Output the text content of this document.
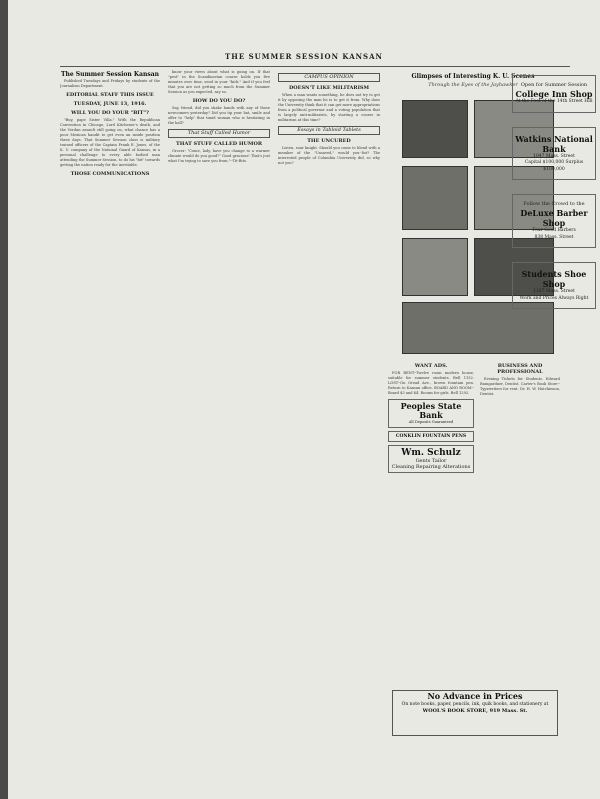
THE SUMMER SESSION KANSAN
The Summer Session Kansan

Published Tuesdays and Fridays by students of the Journalism Department.

EDITORIAL STAFF THIS ISSUE
TUESDAY, JUNE 13, 1916.
WILL YOU DO YOUR "BIT"?

"Buy, pape Sister Villa." With the Republican Convention in Chicago, Lord Kitchener's death, and the Verdun assault still going on, what chance has a poor Mexican bandit to get even an inside position these days. That Summer Session class is military trained officers of the Captain Frank E. Jones, of the K. U. company of the National Guard of Kansas, in a personal challenge to every able bodied man attending the Summer Session, to do his "bit" towards getting the nation ready for the inevitable.

THOSE COMMUNICATIONS

know your views about what is going on. If that "pest" in the Scandinavian course holds you five minutes over time, send in your "kick." And if you feel that you are not getting so much from the Summer Session as you expected, say so.

HOW DO YOU DO?

Say, friend, did you shake hands with any of those newcomers yesterday? Did you tip your hat, smile and offer to "help" that timid woman who is hesitating in the hall?

That Stuff Called Humor
THAT STUFF CALLED HUMOR

Grocer: "Come, lady, have you change to a warmer climate would do you good?" Good gracious! That's just what I'm trying to save you from."--Tit-Bits.

CAMPUS OPINION
DOESN'T LIKE MILITARISM

When a man wants something, he does not try to get it by opposing the man he is to get it from. Why does the University think that it can get more appropriations from a political governor and a voting population that is largely anti-militarists, by starting a course in militarism at this time?

Essays in Tabloid Tablets
THE UNCURED

Listen, sour knight. Should you come to blend with a member of the "Unsaved," would you--list? The interested people of Columbia University did, so why not you?

Glimpses of Interesting K. U. Scenes
Through the Eyes of the Jayhawker
WANT ADS.

FOR RENT--Twelve room modern house, suitable for summer students. Bell 1152. LOST--On Oread Ave., brown fountain pen. Return to Kansan office. BOARD AND ROOM--Board $3 and $4. Rooms for girls. Bell 1292.

Peoples State Bank
All Deposits Guaranteed
CONKLIN FOUNTAIN PENS
Wm. Schulz
Gents Tailor
Cleaning Repairing Alterations
BUSINESS AND PROFESSIONAL

Evening Tickets for Students. Edward Bumgardner, Dentist. Carter's Book Store--Typewriters for rent. Dr. H. W. Hutchinson, Dentist.

No Advance in Prices
On note books, paper, pencils, ink, quik books, and stationery at
WOOL'S BOOK STORE, 919 Mass. St.
Open for Summer Session
College Inn Shop
At the Foot of the 14th Street Hill
Watkins National Bank
1047 Mass. Street
Capital $100,000 Surplus $100,000
Follow the Crowd to the
DeLuxe Barber Shop
Four Good Barbers
838 Mass. Street
Students Shoe Shop
1107 Mass. Street
Work and Prices Always Right
